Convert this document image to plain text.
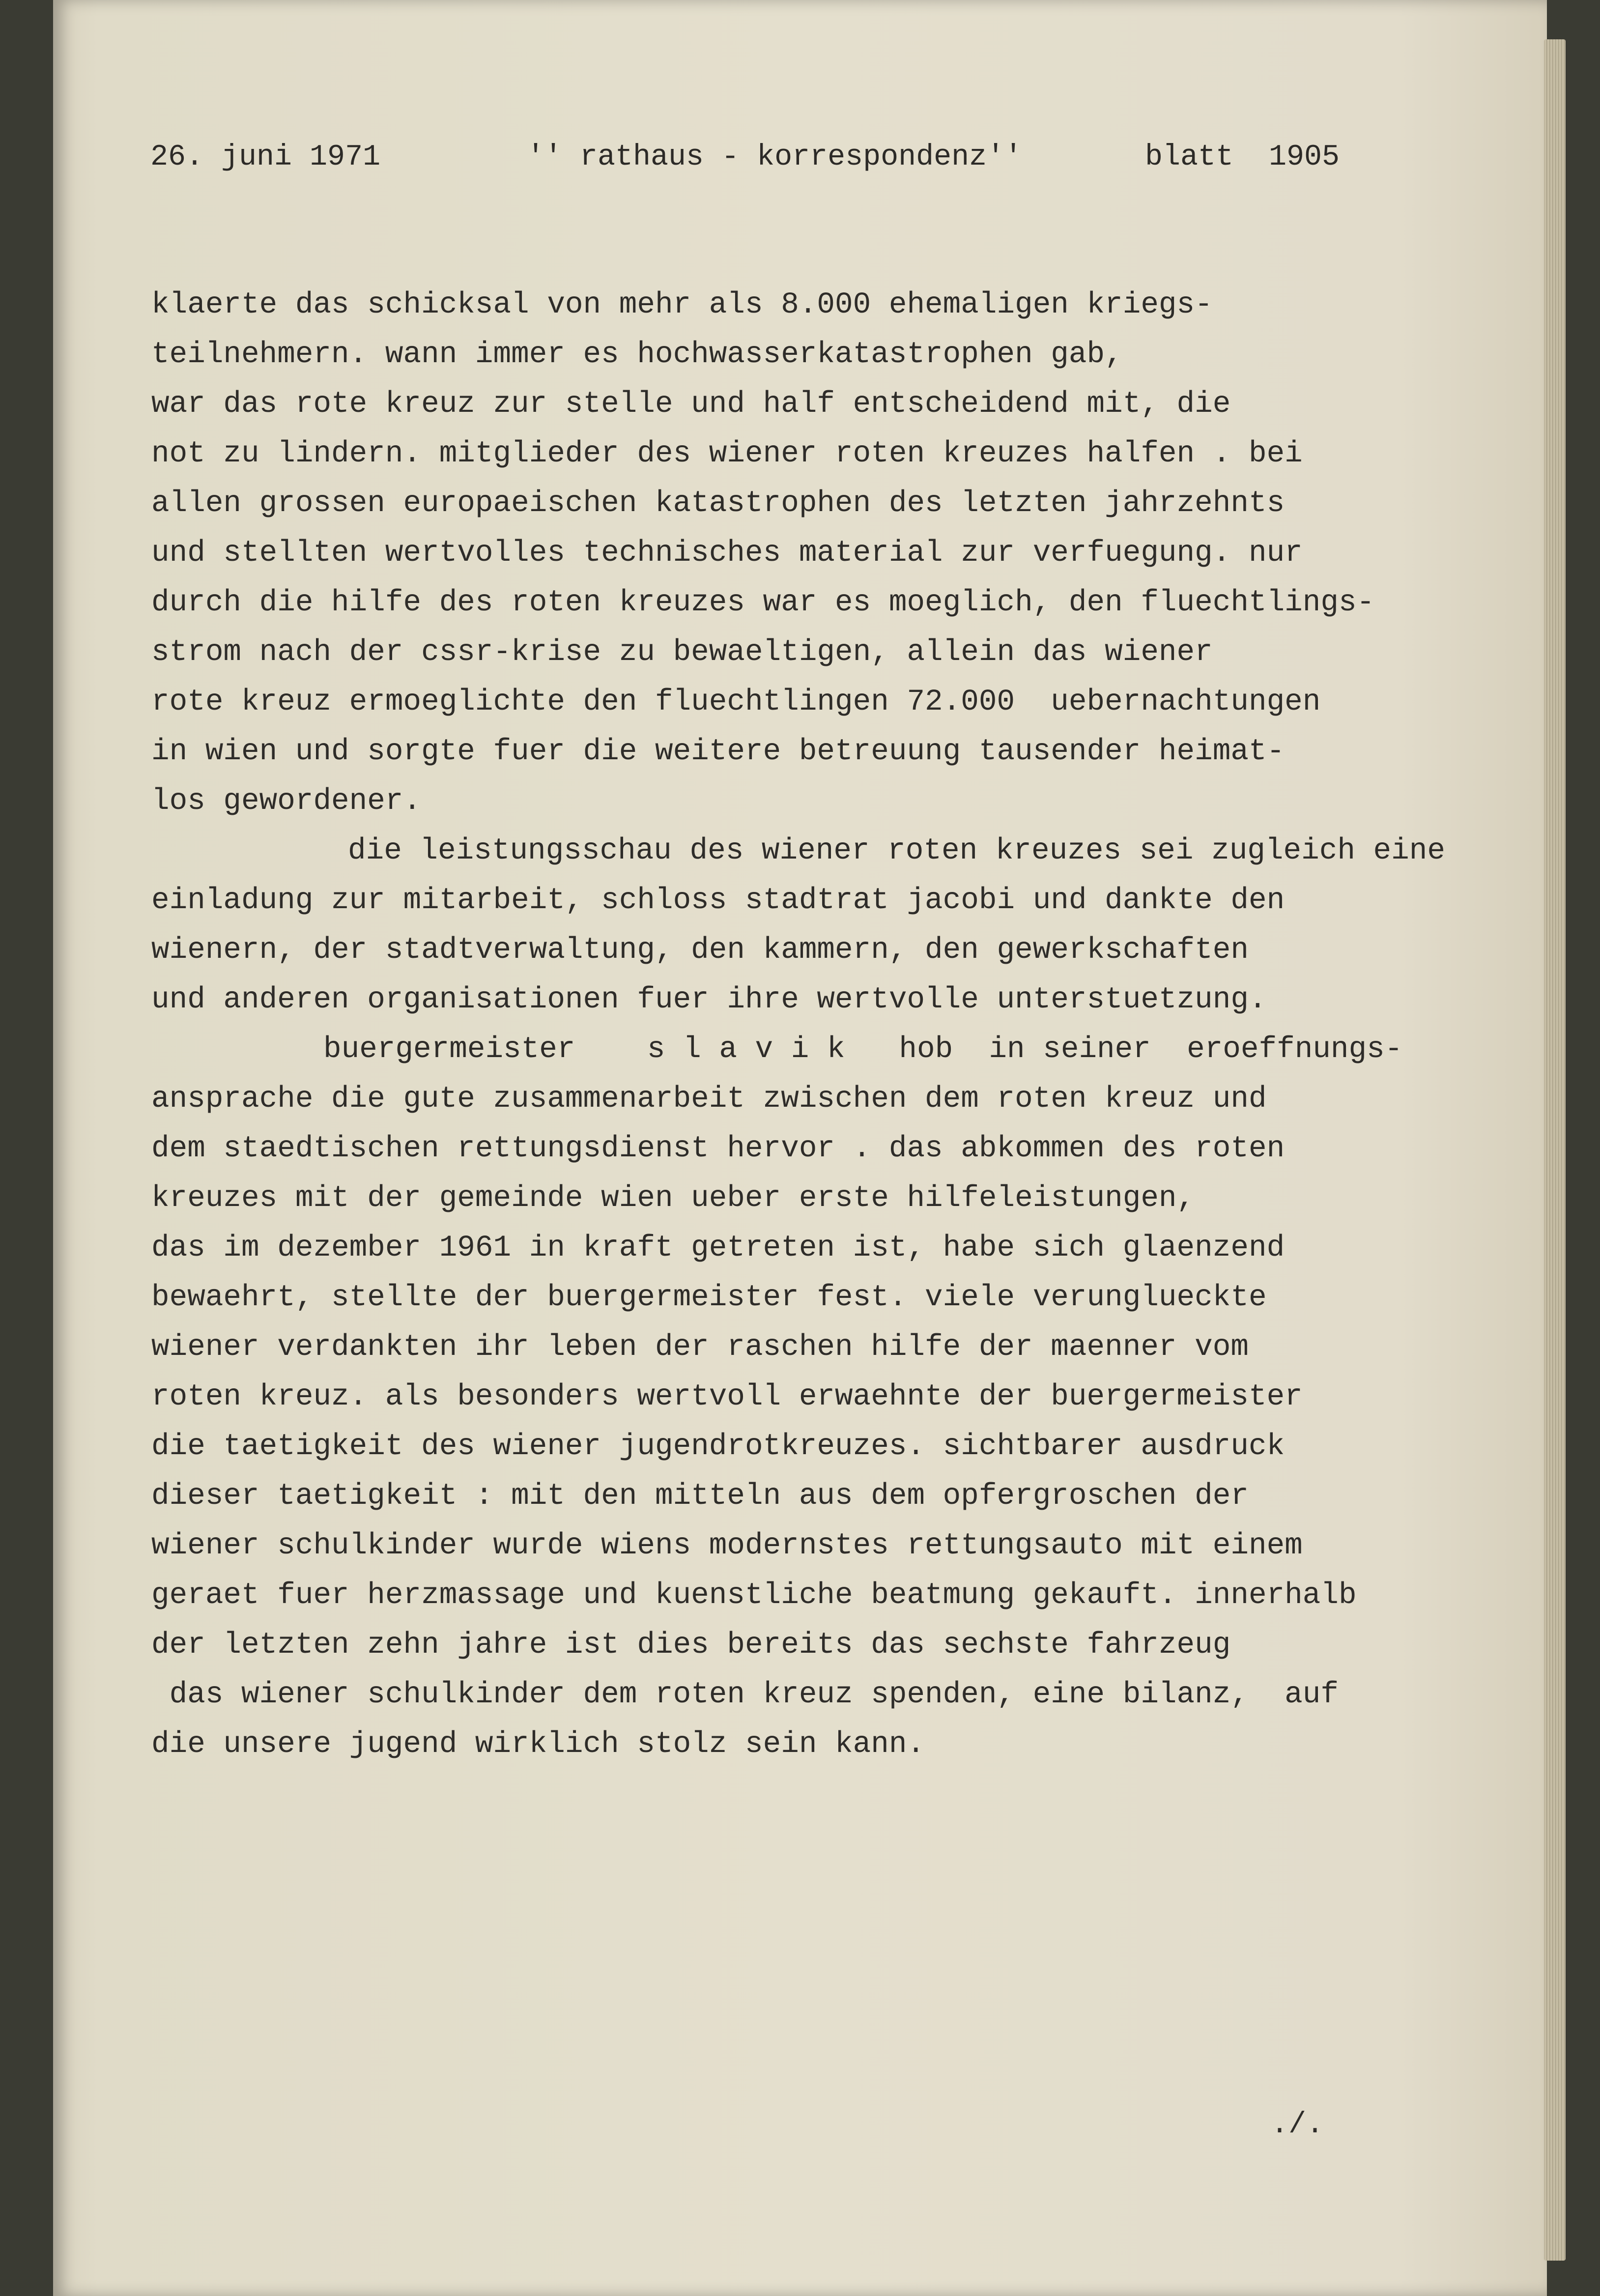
26. juni 1971	'' rathaus - korrespondenz''	blatt  1905
klaerte das schicksal von mehr als 8.000 ehemaligen kriegs-
teilnehmern. wann immer es hochwasserkatastrophen gab,
war das rote kreuz zur stelle und half entscheidend mit, die
not zu lindern. mitglieder des wiener roten kreuzes halfen . bei
allen grossen europaeischen katastrophen des letzten jahrzehnts
und stellten wertvolles technisches material zur verfuegung. nur
durch die hilfe des roten kreuzes war es moeglich, den fluechtlings-
strom nach der cssr-krise zu bewaeltigen, allein das wiener
rote kreuz ermoeglichte den fluechtlingen 72.000  uebernachtungen
in wien und sorgte fuer die weitere betreuung tausender heimat-
los gewordener.
die leistungsschau des wiener roten kreuzes sei zugleich eine
einladung zur mitarbeit, schloss stadtrat jacobi und dankte den
wienern, der stadtverwaltung, den kammern, den gewerkschaften
und anderen organisationen fuer ihre wertvolle unterstuetzung.
buergermeister    s l a v i k   hob  in seiner  eroeffnungs-
ansprache die gute zusammenarbeit zwischen dem roten kreuz und
dem staedtischen rettungsdienst hervor . das abkommen des roten
kreuzes mit der gemeinde wien ueber erste hilfeleistungen,
das im dezember 1961 in kraft getreten ist, habe sich glaenzend
bewaehrt, stellte der buergermeister fest. viele verunglueckte
wiener verdankten ihr leben der raschen hilfe der maenner vom
roten kreuz. als besonders wertvoll erwaehnte der buergermeister
die taetigkeit des wiener jugendrotkreuzes. sichtbarer ausdruck
dieser taetigkeit : mit den mitteln aus dem opfergroschen der
wiener schulkinder wurde wiens modernstes rettungsauto mit einem
geraet fuer herzmassage und kuenstliche beatmung gekauft. innerhalb
der letzten zehn jahre ist dies bereits das sechste fahrzeug
das wiener schulkinder dem roten kreuz spenden, eine bilanz,  auf
die unsere jugend wirklich stolz sein kann.
./.
